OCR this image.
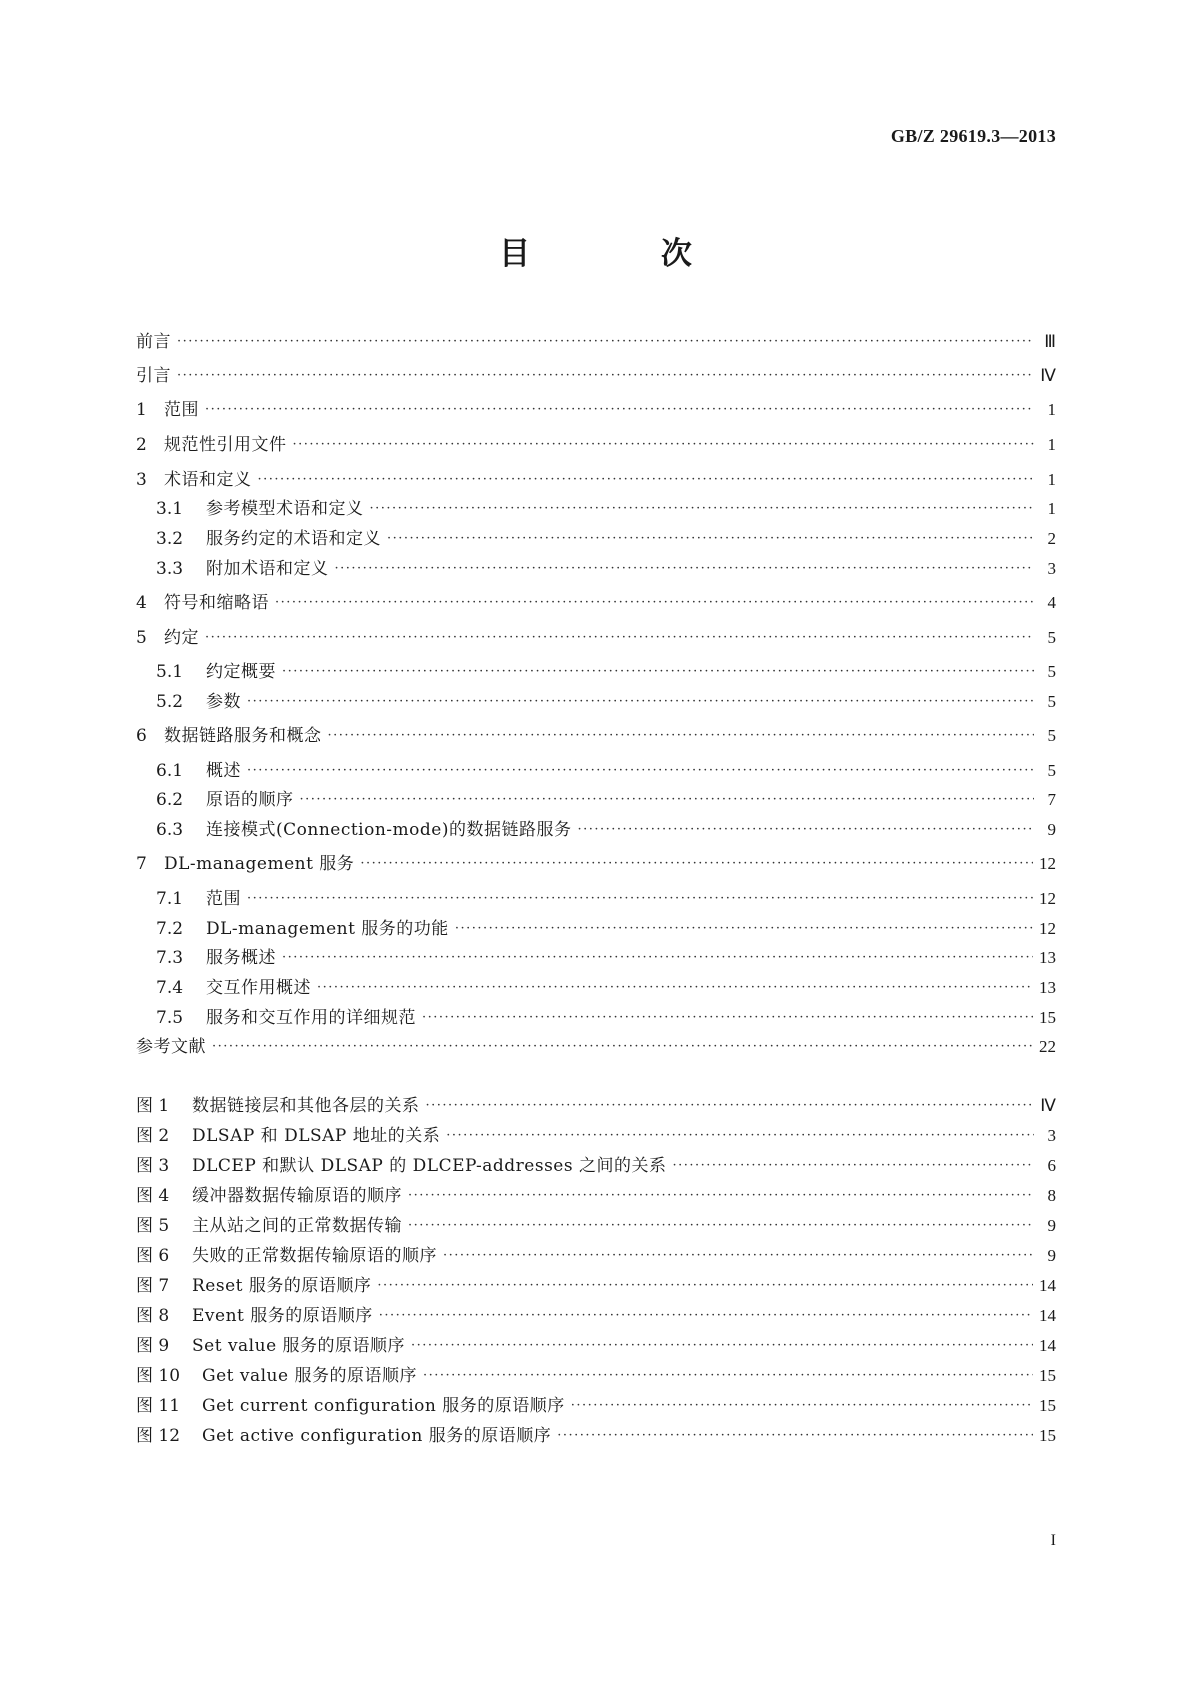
GB/Z 29619.3—2013
目 次
前言 ·····	Ⅲ
引言 ·····	Ⅳ
1	范围 ·····	1
2	规范性引用文件 ·····	1
3	术语和定义 ·····	1
3.1	参考模型术语和定义 ·····	1
3.2	服务约定的术语和定义 ·····	2
3.3	附加术语和定义 ·····	3
4	符号和缩略语 ·····	4
5	约定 ·····	5
5.1	约定概要 ·····	5
5.2	参数 ·····	5
6	数据链路服务和概念 ·····	5
6.1	概述 ·····	5
6.2	原语的顺序 ·····	7
6.3	连接模式(Connection-mode)的数据链路服务 ·····	9
7	DL-management 服务 ·····	12
7.1	范围 ·····	12
7.2	DL-management 服务的功能 ·····	12
7.3	服务概述 ·····	13
7.4	交互作用概述 ·····	13
7.5	服务和交互作用的详细规范 ·····	15
参考文献 ·····	22
图 1	数据链接层和其他各层的关系 ·····	Ⅳ
图 2	DLSAP 和 DLSAP 地址的关系 ·····	3
图 3	DLCEP 和默认 DLSAP 的 DLCEP-addresses 之间的关系 ·····	6
图 4	缓冲器数据传输原语的顺序 ·····	8
图 5	主从站之间的正常数据传输 ·····	9
图 6	失败的正常数据传输原语的顺序 ·····	9
图 7	Reset 服务的原语顺序 ·····	14
图 8	Event 服务的原语顺序 ·····	14
图 9	Set value 服务的原语顺序 ·····	14
图 10	Get value 服务的原语顺序 ·····	15
图 11	Get current configuration 服务的原语顺序 ·····	15
图 12	Get active configuration 服务的原语顺序 ·····	15
I
